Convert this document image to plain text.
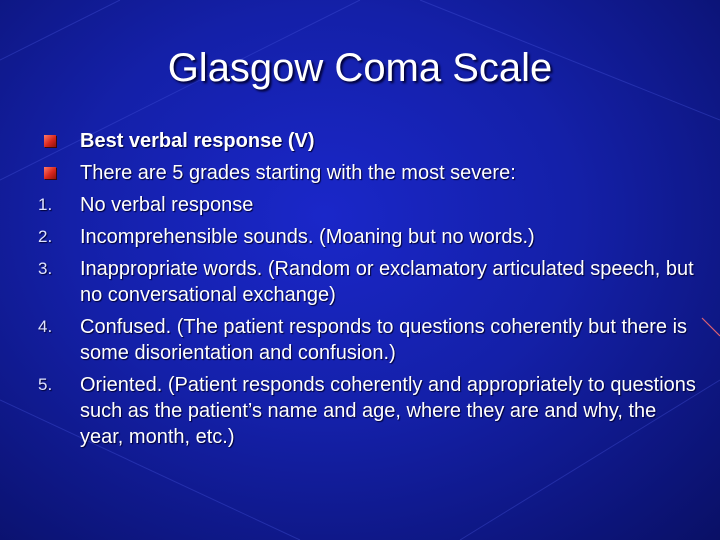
Glasgow Coma Scale
Best verbal response (V)
There are 5 grades starting with the most severe:
1.	No verbal response
2.	Incomprehensible sounds. (Moaning but no words.)
3.	Inappropriate words. (Random or exclamatory articulated speech, but no conversational exchange)
4.	Confused. (The patient responds to questions coherently but there is some disorientation and confusion.)
5.	Oriented. (Patient responds coherently and appropriately to questions such as the patient’s name and age, where they are and why, the year, month, etc.)
